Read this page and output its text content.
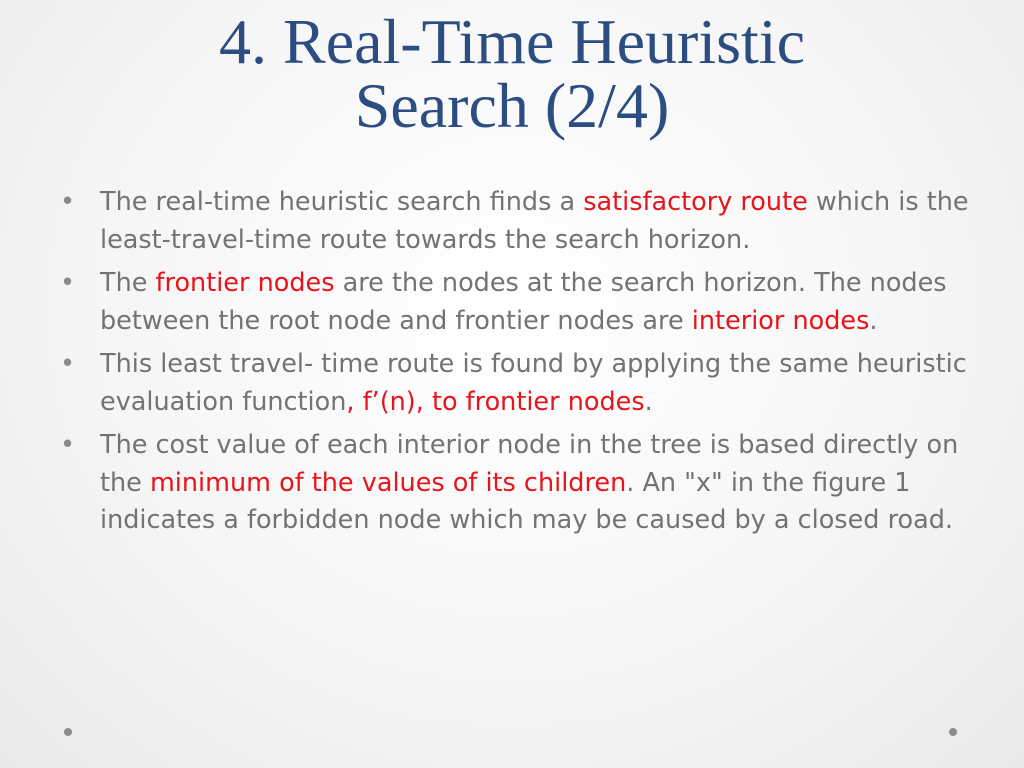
4. Real-Time Heuristic
Search (2/4)
• The real-time heuristic search finds a satisfactory route which is the least-travel-time route towards the search horizon.
• The frontier nodes are the nodes at the search horizon. The nodes between the root node and frontier nodes are interior nodes.
• This least travel- time route is found by applying the same heuristic evaluation function, f’(n), to frontier nodes.
• The cost value of each interior node in the tree is based directly on the minimum of the values of its children. An "x" in the figure 1 indicates a forbidden node which may be caused by a closed road.
